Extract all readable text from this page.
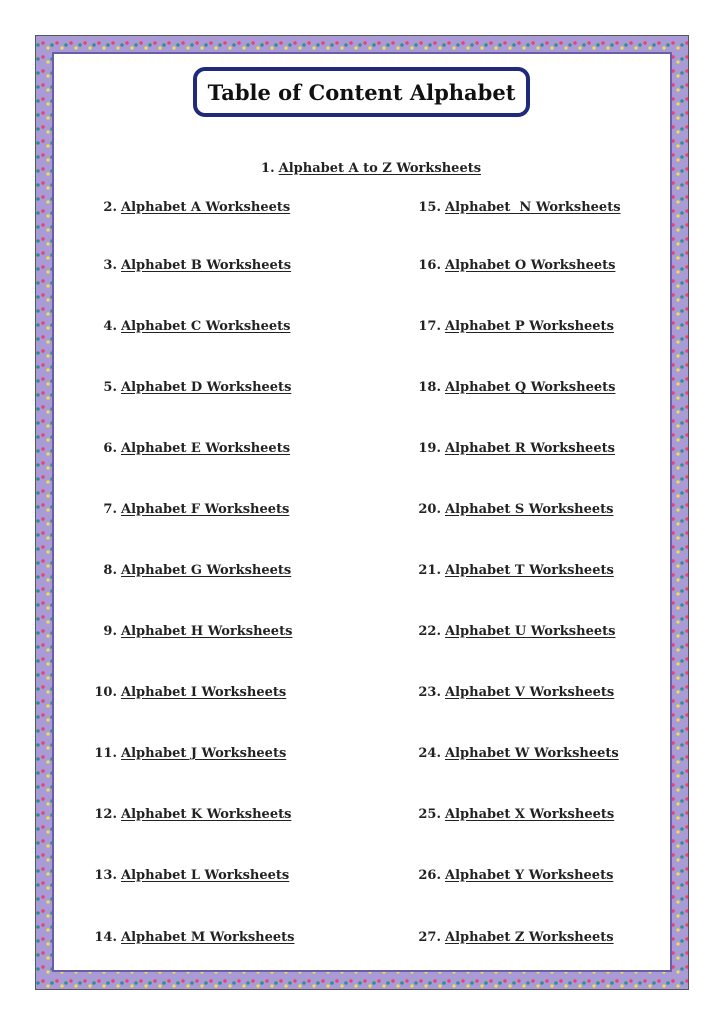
Table of Content Alphabet

1. Alphabet A to Z Worksheets

2. Alphabet A Worksheets
3. Alphabet B Worksheets
4. Alphabet C Worksheets
5. Alphabet D Worksheets
6. Alphabet E Worksheets
7. Alphabet F Worksheets
8. Alphabet G Worksheets
9. Alphabet H Worksheets
10. Alphabet I Worksheets
11. Alphabet J Worksheets
12. Alphabet K Worksheets
13. Alphabet L Worksheets
14. Alphabet M Worksheets
15. Alphabet  N Worksheets
16. Alphabet O Worksheets
17. Alphabet P Worksheets
18. Alphabet Q Worksheets
19. Alphabet R Worksheets
20. Alphabet S Worksheets
21. Alphabet T Worksheets
22. Alphabet U Worksheets
23. Alphabet V Worksheets
24. Alphabet W Worksheets
25. Alphabet X Worksheets
26. Alphabet Y Worksheets
27. Alphabet Z Worksheets
